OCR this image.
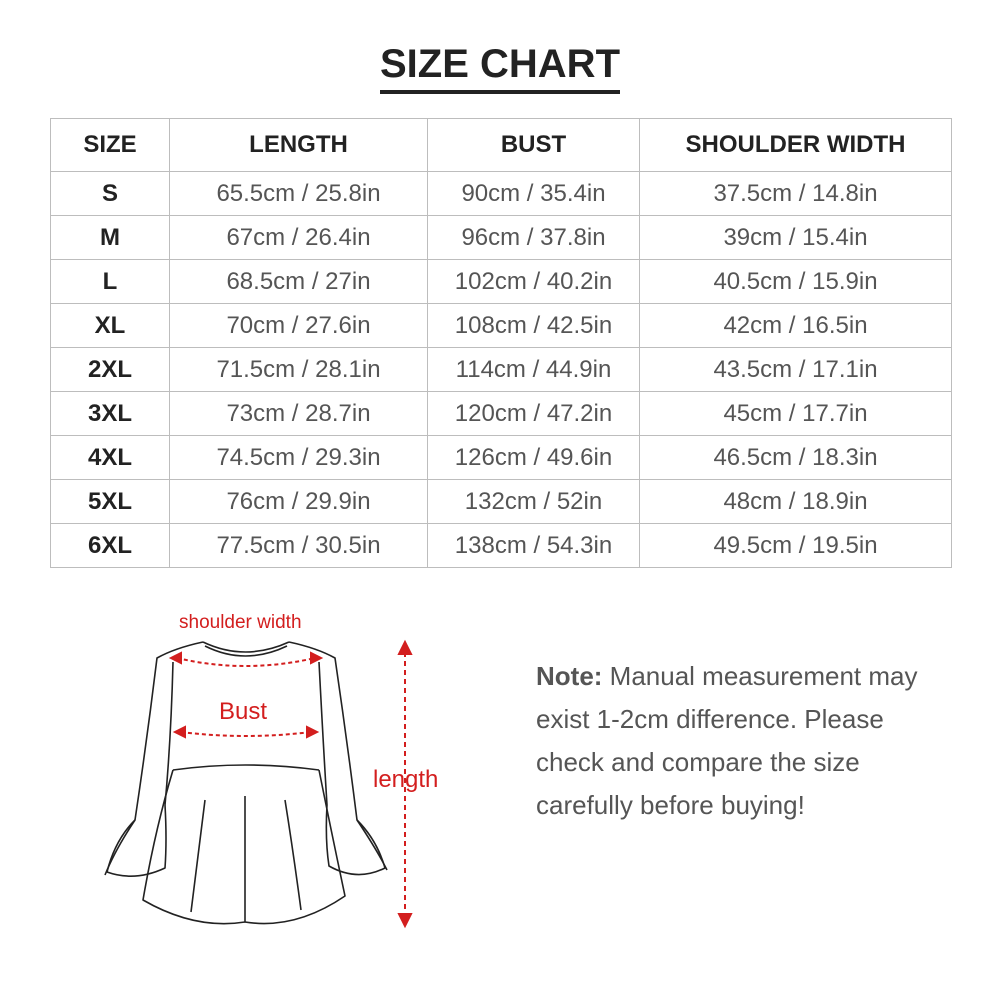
SIZE CHART
SIZE	LENGTH	BUST	SHOULDER WIDTH
S	65.5cm / 25.8in	90cm / 35.4in	37.5cm / 14.8in
M	67cm / 26.4in	96cm / 37.8in	39cm / 15.4in
L	68.5cm / 27in	102cm / 40.2in	40.5cm / 15.9in
XL	70cm / 27.6in	108cm / 42.5in	42cm / 16.5in
2XL	71.5cm / 28.1in	114cm / 44.9in	43.5cm / 17.1in
3XL	73cm / 28.7in	120cm / 47.2in	45cm / 17.7in
4XL	74.5cm / 29.3in	126cm / 49.6in	46.5cm / 18.3in
5XL	76cm / 29.9in	132cm / 52in	48cm / 18.9in
6XL	77.5cm / 30.5in	138cm / 54.3in	49.5cm / 19.5in
shoulder width
Bust
length
Note: Manual measurement may exist 1-2cm difference. Please check and compare the size carefully before buying!
